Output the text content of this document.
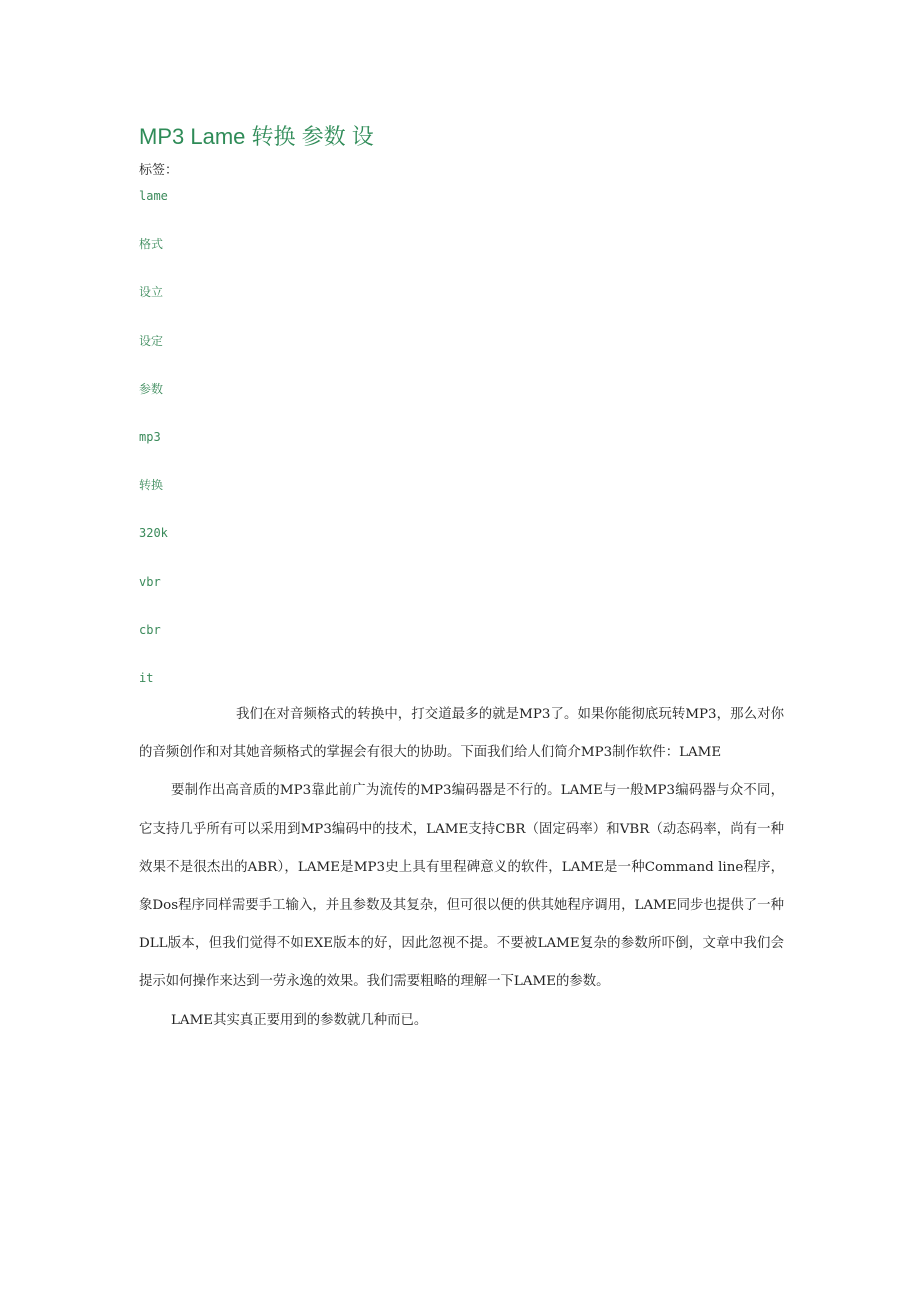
MP3 Lame 转换 参数 设
标签：
lame
格式
设立
设定
参数
mp3
转换
320k
vbr
cbr
it

我们在对音频格式的转换中，打交道最多的就是MP3了。如果你能彻底玩转MP3，那么对你的音频创作和对其她音频格式的掌握会有很大的协助。下面我们给人们简介MP3制作软件：LAME

要制作出高音质的MP3靠此前广为流传的MP3编码器是不行的。LAME与一般MP3编码器与众不同，它支持几乎所有可以采用到MP3编码中的技术，LAME支持CBR（固定码率）和VBR（动态码率，尚有一种效果不是很杰出的ABR），LAME是MP3史上具有里程碑意义的软件，LAME是一种Command line程序，象Dos程序同样需要手工输入，并且参数及其复杂，但可很以便的供其她程序调用，LAME同步也提供了一种DLL版本，但我们觉得不如EXE版本的好，因此忽视不提。不要被LAME复杂的参数所吓倒，文章中我们会提示如何操作来达到一劳永逸的效果。我们需要粗略的理解一下LAME的参数。

LAME其实真正要用到的参数就几种而已。
